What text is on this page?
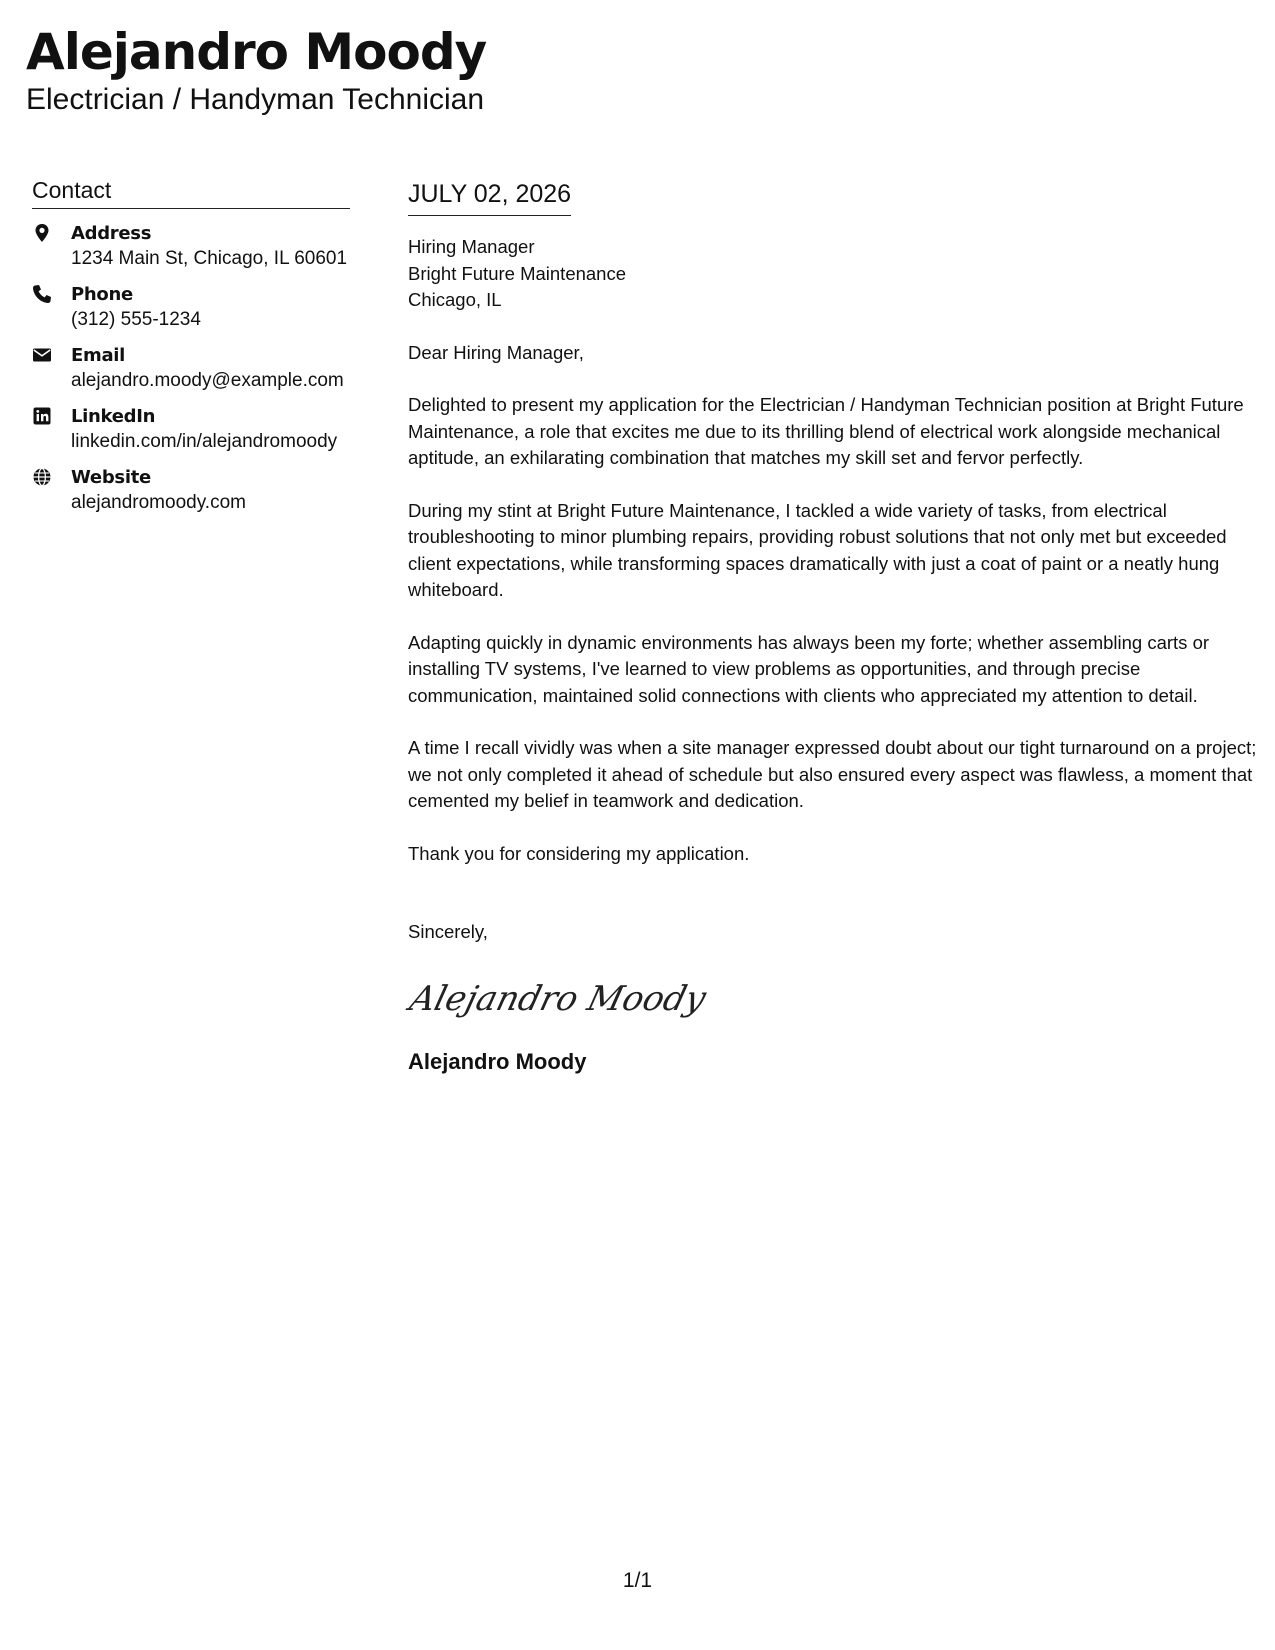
Alejandro Moody
Electrician / Handyman Technician
Contact
Address
1234 Main St, Chicago, IL 60601
Phone
(312) 555-1234
Email
alejandro.moody@example.com
LinkedIn
linkedin.com/in/alejandromoody
Website
alejandromoody.com
JULY 02, 2026
Hiring Manager
Bright Future Maintenance
Chicago, IL
Dear Hiring Manager,

Delighted to present my application for the Electrician / Handyman Technician position at Bright Future Maintenance, a role that excites me due to its thrilling blend of electrical work alongside mechanical aptitude, an exhilarating combination that matches my skill set and fervor perfectly.

During my stint at Bright Future Maintenance, I tackled a wide variety of tasks, from electrical troubleshooting to minor plumbing repairs, providing robust solutions that not only met but exceeded client expectations, while transforming spaces dramatically with just a coat of paint or a neatly hung whiteboard.

Adapting quickly in dynamic environments has always been my forte; whether assembling carts or installing TV systems, I've learned to view problems as opportunities, and through precise communication, maintained solid connections with clients who appreciated my attention to detail.

A time I recall vividly was when a site manager expressed doubt about our tight turnaround on a project; we not only completed it ahead of schedule but also ensured every aspect was flawless, a moment that cemented my belief in teamwork and dedication.

Thank you for considering my application.

Sincerely,
Alejandro Moody
Alejandro Moody
1/1
